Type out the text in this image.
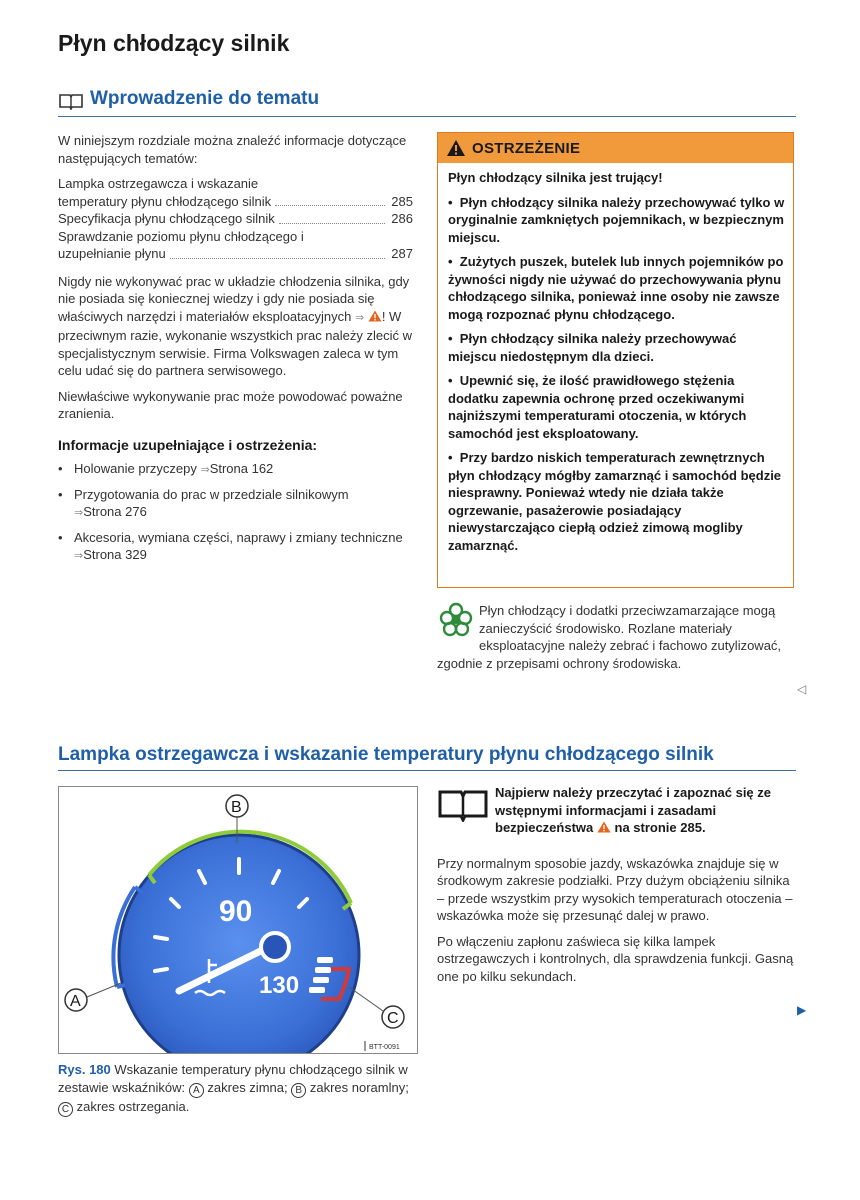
Płyn chłodzący silnik
Wprowadzenie do tematu

W niniejszym rozdziale można znaleźć informacje dotyczące następujących tematów:

Lampka ostrzegawcza i wskazanie
temperatury płynu chłodzącego silnik	285
Specyfikacja płynu chłodzącego silnik	286
Sprawdzanie poziomu płynu chłodzącego i
uzupełnianie płynu	287

Nigdy nie wykonywać prac w układzie chłodzenia silnika, gdy nie posiada się koniecznej wiedzy i gdy nie posiada się właściwych narzędzi i materiałów eksploatacyjnych ⇒ ! W przeciwnym razie, wykonanie wszystkich prac należy zlecić w specjalistycznym serwisie. Firma Volkswagen zaleca w tym celu udać się do partnera serwisowego.

Niewłaściwe wykonywanie prac może powodować poważne zranienia.

Informacje uzupełniające i ostrzeżenia:
• Holowanie przyczepy ⇒Strona 162
• Przygotowania do prac w przedziale silnikowym
⇒Strona 276
• Akcesoria, wymiana części, naprawy i zmiany techniczne ⇒Strona 329
OSTRZEŻENIE

Płyn chłodzący silnika jest trujący!

•  Płyn chłodzący silnika należy przechowywać tylko w oryginalnie zamkniętych pojemnikach, w bezpiecznym miejscu.

•  Zużytych puszek, butelek lub innych pojemników po żywności nigdy nie używać do przechowywania płynu chłodzącego silnika, ponieważ inne osoby nie zawsze mogą rozpoznać płynu chłodzącego.

•  Płyn chłodzący silnika należy przechowywać miejscu niedostępnym dla dzieci.

•  Upewnić się, że ilość prawidłowego stężenia dodatku zapewnia ochronę przed oczekiwanymi najniższymi temperaturami otoczenia, w których samochód jest eksploatowany.

•  Przy bardzo niskich temperaturach zewnętrznych płyn chłodzący mógłby zamarznąć i samochód będzie niesprawny. Ponieważ wtedy nie działa także ogrzewanie, pasażerowie posiadający niewystarczająco ciepłą odzież zimową mogliby zamarznąć.

Płyn chłodzący i dodatki przeciwzamarzające mogą zanieczyścić środowisko. Rozlane materiały eksploatacyjne należy zebrać i fachowo zutylizować, zgodnie z przepisami ochrony środowiska.
◁
Lampka ostrzegawcza i wskazanie temperatury płynu chłodzącego silnik
90
130
B
A
C
BTT-0091
Rys. 180 Wskazanie temperatury płynu chłodzącego silnik w zestawie wskaźników: A zakres zimna; B zakres noramlny; C zakres ostrzegania.
Najpierw należy przeczytać i zapoznać się ze wstępnymi informacjami i zasadami bezpieczeństwa na stronie 285.

Przy normalnym sposobie jazdy, wskazówka znajduje się w środkowym zakresie podziałki. Przy dużym obciążeniu silnika – przede wszystkim przy wysokich temperaturach otoczenia – wskazówka może się przesunąć dalej w prawo.

Po włączeniu zapłonu zaświeca się kilka lampek ostrzegawczych i kontrolnych, dla sprawdzenia funkcji. Gasną one po kilku sekundach.

▶
